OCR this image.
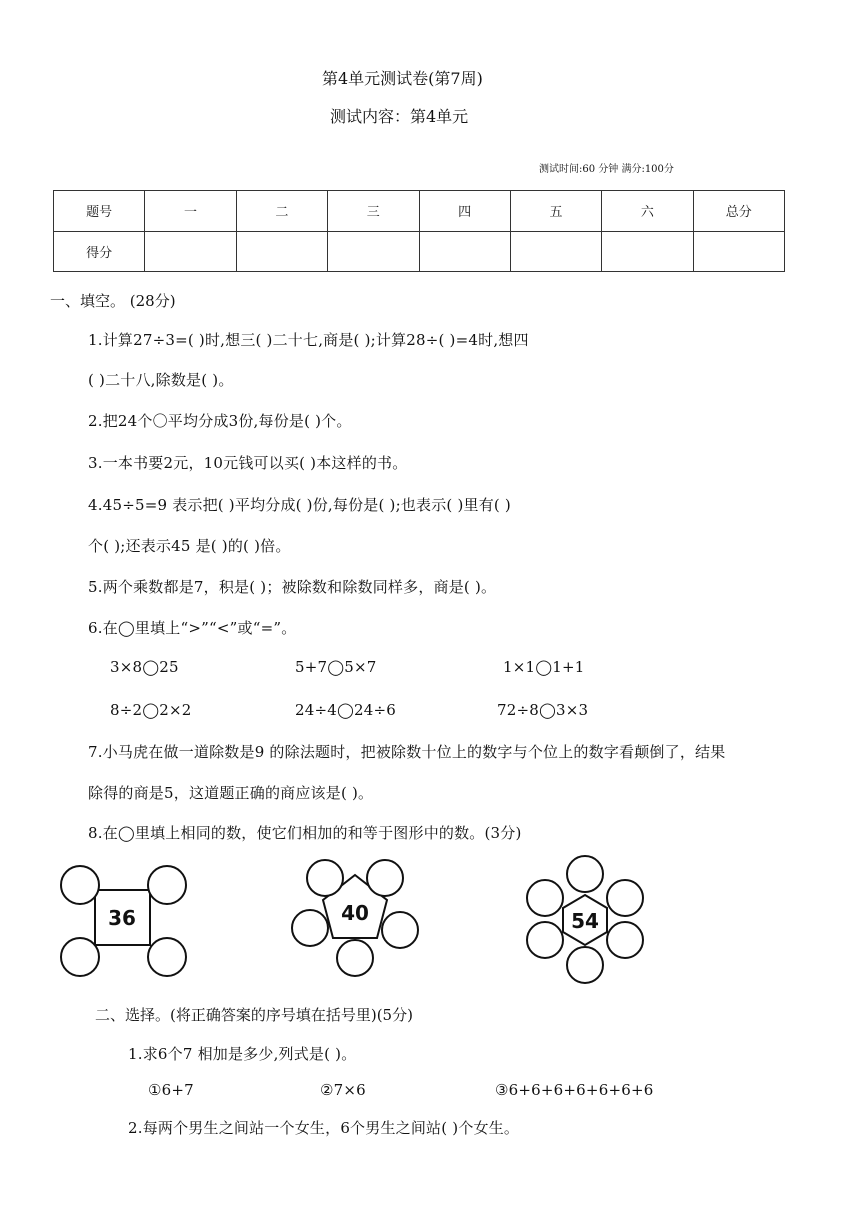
第4单元测试卷(第7周)
测试内容：第4单元
测试时间:60 分钟 满分:100分
题号	一	二	三	四	五	六	总分
得分							
一、填空。 (28分)
1.计算27÷3=( )时,想三( )二十七,商是( );计算28÷( )=4时,想四
( )二十八,除数是( )。
2.把24个〇平均分成3份,每份是( )个。
3.一本书要2元，10元钱可以买( )本这样的书。
4.45÷5=9 表示把( )平均分成( )份,每份是( );也表示( )里有( )
个( );还表示45 是( )的( )倍。
5.两个乘数都是7，积是( )；被除数和除数同样多，商是( )。
6.在◯里填上“>”“<”或“=”。
3×8◯25	5+7◯5×7	1×1◯1+1
8÷2◯2×2	24÷4◯24÷6	72÷8◯3×3
7.小马虎在做一道除数是9 的除法题时，把被除数十位上的数字与个位上的数字看颠倒了，结果
除得的商是5，这道题正确的商应该是( )。
8.在◯里填上相同的数，使它们相加的和等于图形中的数。(3分)
36	40	54
二、选择。(将正确答案的序号填在括号里)(5分)
1.求6个7 相加是多少,列式是( )。
①6+7	②7×6	③6+6+6+6+6+6+6
2.每两个男生之间站一个女生，6个男生之间站( )个女生。
